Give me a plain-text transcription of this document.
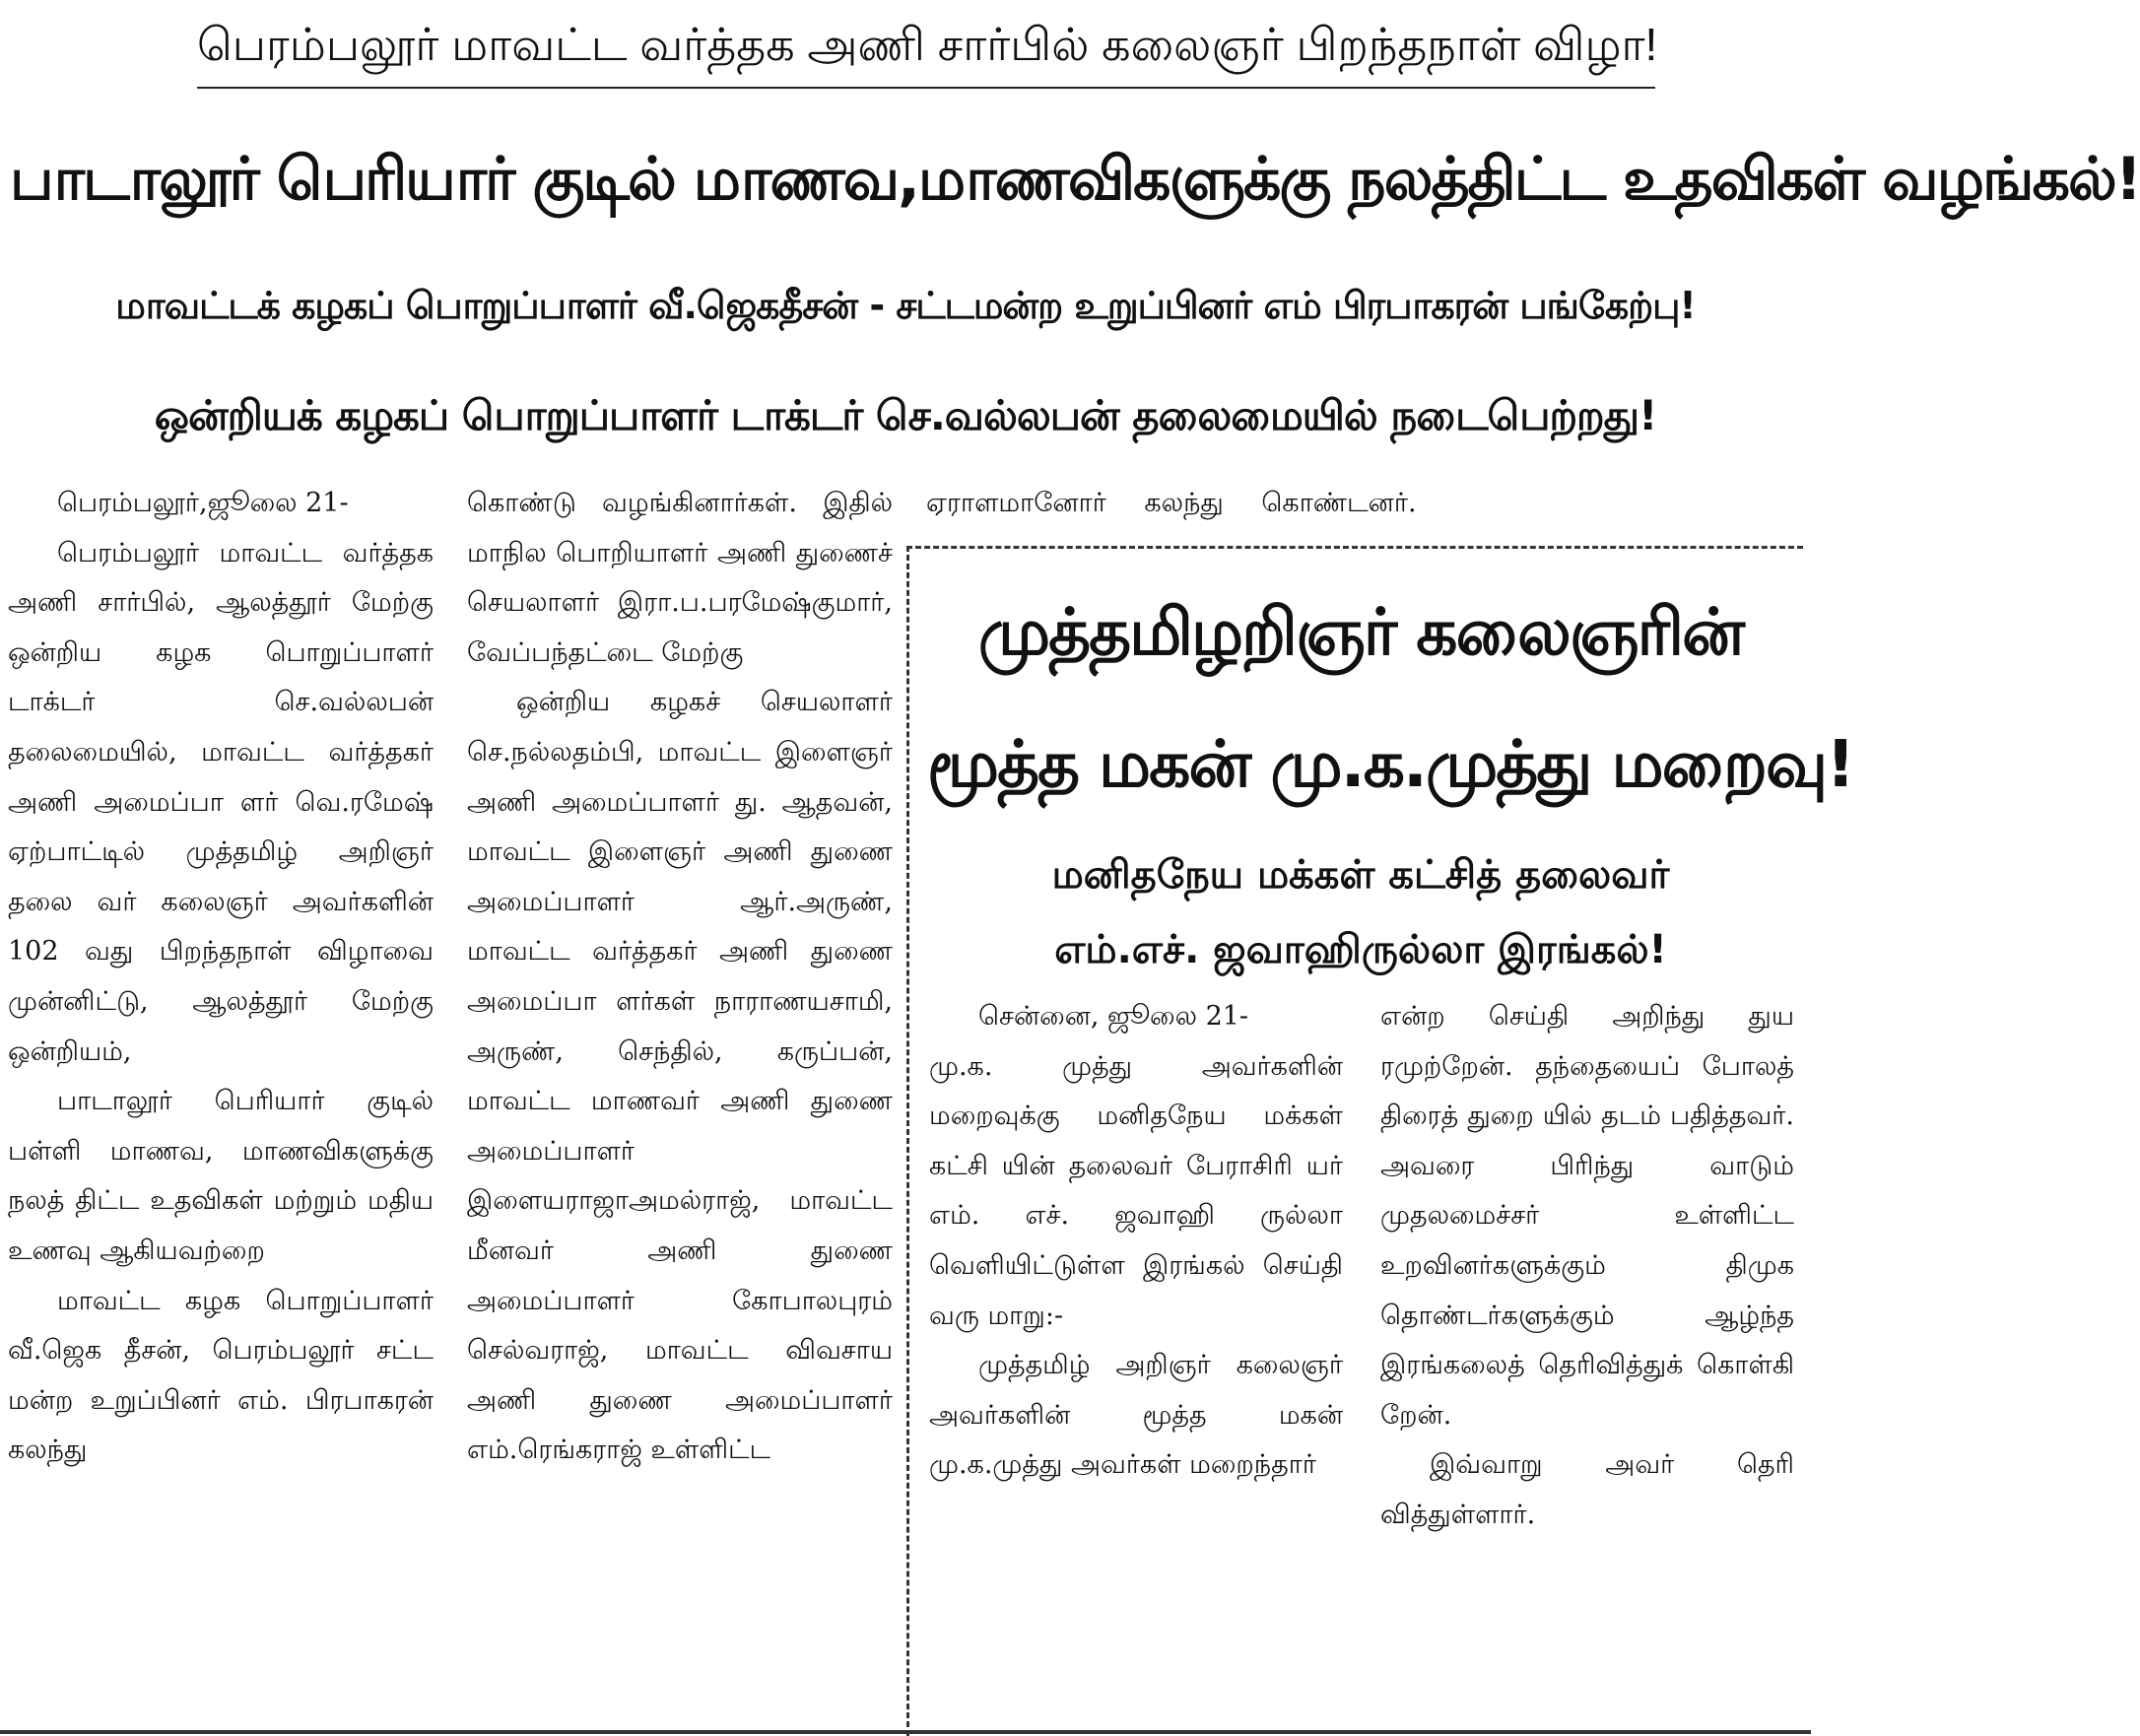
பெரம்பலூர் மாவட்ட வர்த்தக அணி சார்பில் கலைஞர் பிறந்தநாள் விழா!
பாடாலூர் பெரியார் குடில் மாணவ,மாணவிகளுக்கு நலத்திட்ட உதவிகள் வழங்கல்!
மாவட்டக் கழகப் பொறுப்பாளர் வீ.ஜெகதீசன் - சட்டமன்ற உறுப்பினர் எம் பிரபாகரன் பங்கேற்பு!
ஒன்றியக் கழகப் பொறுப்பாளர் டாக்டர் செ.வல்லபன் தலைமையில் நடைபெற்றது!

பெரம்பலூர்,ஜூலை 21-

பெரம்பலூர் மாவட்ட வர்த்தக அணி சார்பில், ஆலத்தூர் மேற்கு ஒன்றிய கழக பொறுப்பாளர் டாக்டர் செ.வல்லபன் தலைமையில், மாவட்ட வர்த்தகர் அணி அமைப்பா ளர் வெ.ரமேஷ் ஏற்பாட்டில் முத்தமிழ் அறிஞர் தலை வர் கலைஞர் அவர்களின் 102 வது பிறந்தநாள் விழாவை முன்னிட்டு, ஆலத்தூர் மேற்கு ஒன்றியம்,

பாடாலூர் பெரியார் குடில் பள்ளி மாணவ, மாணவிகளுக்கு நலத் திட்ட உதவிகள் மற்றும் மதிய உணவு ஆகியவற்றை

மாவட்ட கழக பொறுப்பாளர் வீ.ஜெக தீசன், பெரம்பலூர் சட்ட மன்ற உறுப்பினர் எம். பிரபாகரன் கலந்து

கொண்டு வழங்கினார்கள். இதில் மாநில பொறியாளர் அணி துணைச் செயலாளர் இரா.ப.பரமேஷ்குமார், வேப்பந்தட்டை மேற்கு

ஒன்றிய கழகச் செயலாளர் செ.நல்லதம்பி, மாவட்ட இளைஞர் அணி அமைப்பாளர் து. ஆதவன், மாவட்ட இளைஞர் அணி துணை அமைப்பாளர் ஆர்.அருண், மாவட்ட வர்த்தகர் அணி துணை அமைப்பா ளர்கள் நாராணயசாமி, அருண், செந்தில், கருப்பன், மாவட்ட மாணவர் அணி துணை அமைப்பாளர் இளையராஜாஅமல்ராஜ், மாவட்ட மீனவர் அணி துணை அமைப்பாளர் கோபாலபுரம் செல்வராஜ், மாவட்ட விவசாய அணி துணை அமைப்பாளர் எம்.ரெங்கராஜ் உள்ளிட்ட

ஏராளமானோர் கலந்து கொண்டனர்.
முத்தமிழறிஞர் கலைஞரின்
மூத்த மகன் மு.க.முத்து மறைவு!
மனிதநேய மக்கள் கட்சித் தலைவர்
எம்.எச். ஜவாஹிருல்லா இரங்கல்!

சென்னை, ஜூலை 21-

மு.க. முத்து அவர்களின் மறைவுக்கு மனிதநேய மக்கள் கட்சி யின் தலைவர் பேராசிரி யர் எம். எச். ஜவாஹி ருல்லா வெளியிட்டுள்ள இரங்கல் செய்தி வரு மாறு:-

முத்தமிழ் அறிஞர் கலைஞர் அவர்களின் மூத்த மகன் மு.க.முத்து அவர்கள் மறைந்தார்

என்ற செய்தி அறிந்து துய ரமுற்றேன். தந்தையைப் போலத் திரைத் துறை யில் தடம் பதித்தவர். அவரை பிரிந்து வாடும் முதலமைச்சர் உள்ளிட்ட உறவினர்களுக்கும் திமுக தொண்டர்களுக்கும் ஆழ்ந்த இரங்கலைத் தெரிவித்துக் கொள்கி றேன்.

இவ்வாறு அவர் தெரி வித்துள்ளார்.
